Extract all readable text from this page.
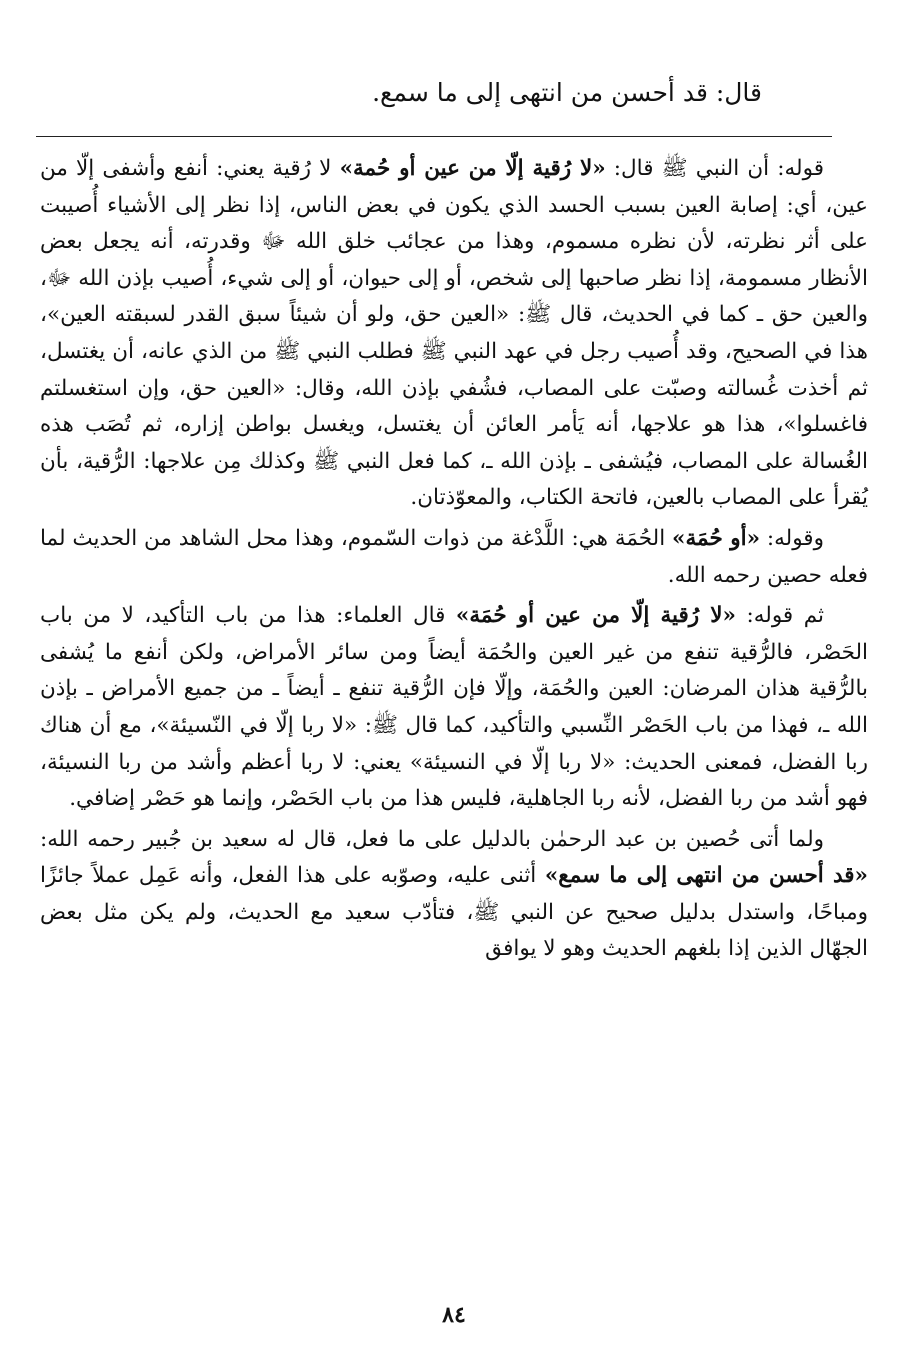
قال: قد أحسن من انتهى إلى ما سمع.

قوله: أن النبي ﷺ قال: «لا رُقية إلّا من عين أو حُمة» لا رُقية يعني: أنفع وأشفى إلّا من عين، أي: إصابة العين بسبب الحسد الذي يكون في بعض الناس، إذا نظر إلى الأشياء أُصيبت على أثر نظرته، لأن نظره مسموم، وهذا من عجائب خلق الله ﷻ وقدرته، أنه يجعل بعض الأنظار مسمومة، إذا نظر صاحبها إلى شخص، أو إلى حيوان، أو إلى شيء، أُصيب بإذن الله ﷻ، والعين حق ـ كما في الحديث، قال ﷺ: «العين حق، ولو أن شيئاً سبق القدر لسبقته العين»، هذا في الصحيح، وقد أُصيب رجل في عهد النبي ﷺ فطلب النبي ﷺ من الذي عانه، أن يغتسل، ثم أخذت غُسالته وصبّت على المصاب، فشُفي بإذن الله، وقال: «العين حق، وإن استغسلتم فاغسلوا»، هذا هو علاجها، أنه يَأمر العائن أن يغتسل، ويغسل بواطن إزاره، ثم تُصَب هذه الغُسالة على المصاب، فيُشفى ـ بإذن الله ـ، كما فعل النبي ﷺ وكذلك مِن علاجها: الرُّقية، بأن يُقرأ على المصاب بالعين، فاتحة الكتاب، والمعوّذتان.

وقوله: «أو حُمَة» الحُمَة هي: اللَّدْغة من ذوات السّموم، وهذا محل الشاهد من الحديث لما فعله حصين رحمه الله.

ثم قوله: «لا رُقية إلّا من عين أو حُمَة» قال العلماء: هذا من باب التأكيد، لا من باب الحَصْر، فالرُّقية تنفع من غير العين والحُمَة أيضاً ومن سائر الأمراض، ولكن أنفع ما يُشفى بالرُّقية هذان المرضان: العين والحُمَة، وإلّا فإن الرُّقية تنفع ـ أيضاً ـ من جميع الأمراض ـ بإذن الله ـ، فهذا من باب الحَصْر النِّسبي والتأكيد، كما قال ﷺ: «لا ربا إلّا في النّسيئة»، مع أن هناك ربا الفضل، فمعنى الحديث: «لا ربا إلّا في النسيئة» يعني: لا ربا أعظم وأشد من ربا النسيئة، فهو أشد من ربا الفضل، لأنه ربا الجاهلية، فليس هذا من باب الحَصْر، وإنما هو حَصْر إضافي.

ولما أتى حُصين بن عبد الرحمٰن بالدليل على ما فعل، قال له سعيد بن جُبير رحمه الله: «قد أحسن من انتهى إلى ما سمع» أثنى عليه، وصوّبه على هذا الفعل، وأنه عَمِل عملاً جائزًا ومباحًا، واستدل بدليل صحيح عن النبي ﷺ، فتأدّب سعيد مع الحديث، ولم يكن مثل بعض الجهّال الذين إذا بلغهم الحديث وهو لا يوافق

٨٤
